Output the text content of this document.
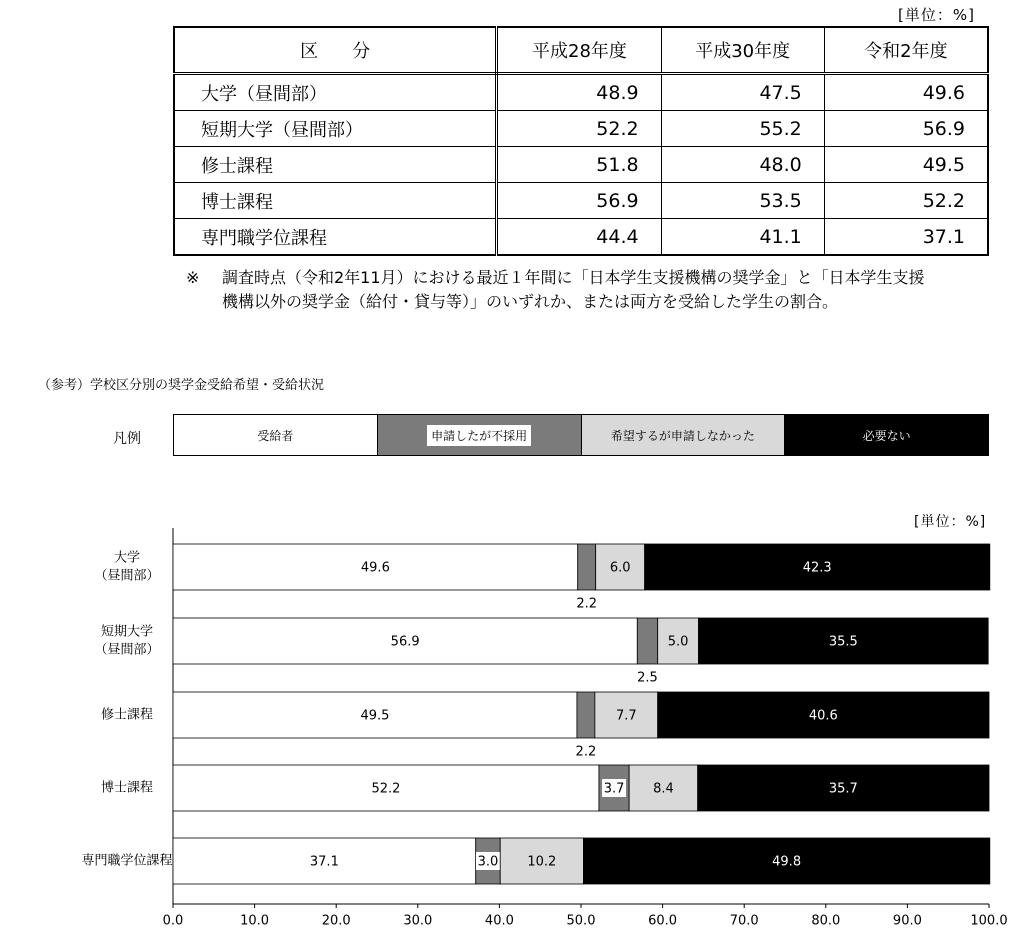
[単位：%]
区分	平成28年度	平成30年度	令和2年度
大学（昼間部）	48.9	47.5	49.6
短期大学（昼間部）	52.2	55.2	56.9
修士課程	51.8	48.0	49.5
博士課程	56.9	53.5	52.2
専門職学位課程	44.4	41.1	37.1
※ 調査時点（令和2年11月）における最近１年間に「日本学生支援機構の奨学金」と「日本学生支援
機構以外の奨学金（給付・貸与等）」のいずれか、または両方を受給した学生の割合。
（参考）学校区分別の奨学金受給希望・受給状況
凡例	受給者	申請したが不採用	希望するが申請しなかった	必要ない
[単位：%]
0.0	10.0	20.0	30.0	40.0	50.0	60.0	70.0	80.0	90.0	100.0
大学
（昼間部）
49.6
2.2
6.0	42.3
短期大学
（昼間部）
56.9
2.5
5.0	35.5
修士課程	49.5
2.2
7.7	40.6
博士課程	52.2	3.7 8.4	35.7
専門職学位課程	37.1	3.0 10.2	49.8
